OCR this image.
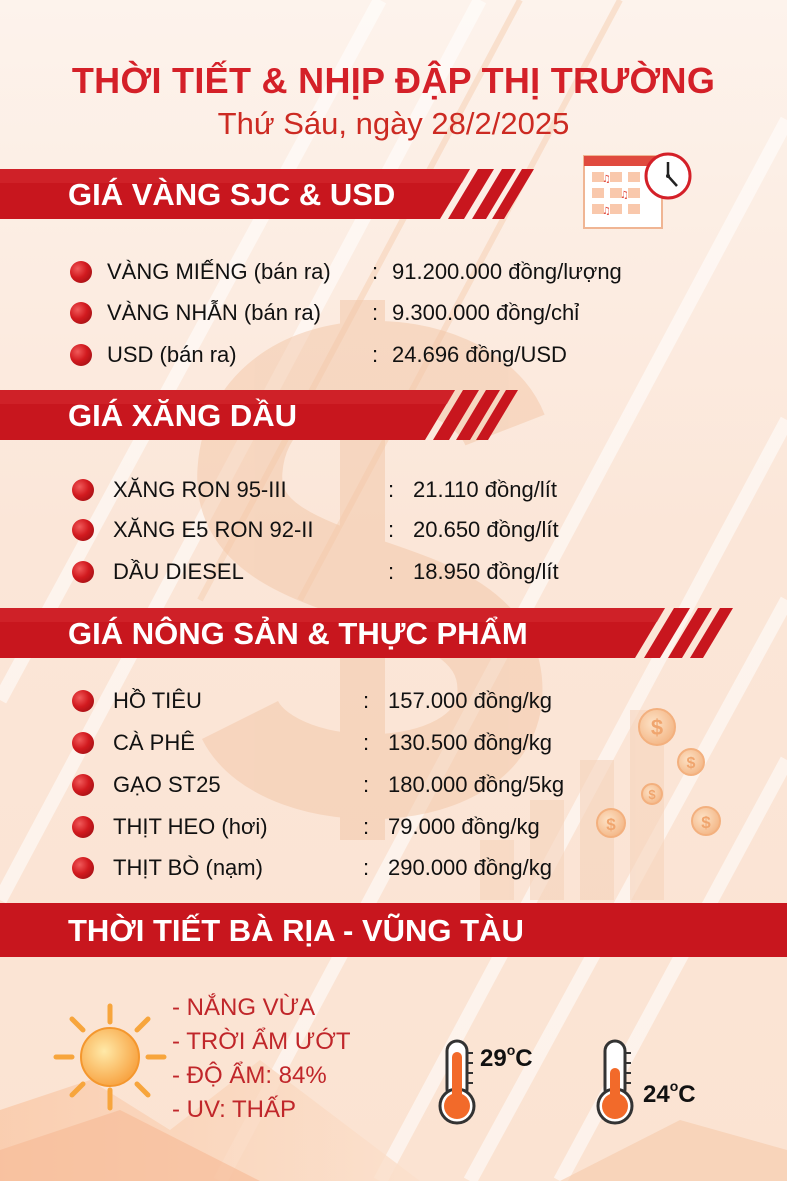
$
$
$
$	$
♫
♫
♫
THỜI TIẾT & NHỊP ĐẬP THỊ TRƯỜNG
Thứ Sáu, ngày 28/2/2025
GIÁ VÀNG SJC & USD
VÀNG MIẾNG (bán ra) : 91.200.000 đồng/lượng
VÀNG NHẪN (bán ra) : 9.300.000 đồng/chỉ
USD (bán ra)	: 24.696 đồng/USD
GIÁ XĂNG DẦU
XĂNG RON 95-III	: 21.110 đồng/lít
XĂNG E5 RON 92-II	: 20.650 đồng/lít
DẦU DIESEL	: 18.950 đồng/lít
GIÁ NÔNG SẢN & THỰC PHẨM
HỒ TIÊU	: 157.000 đồng/kg
CÀ PHÊ	: 130.500 đồng/kg
GẠO ST25	: 180.000 đồng/5kg
THỊT HEO (hơi)	: 79.000 đồng/kg
THỊT BÒ (nạm)	: 290.000 đồng/kg
THỜI TIẾT BÀ RỊA - VŨNG TÀU
- NẮNG VỪA
- TRỜI ẨM ƯỚT
- ĐỘ ẨM: 84%
- UV: THẤP
29$^o$C
24$^o$C
